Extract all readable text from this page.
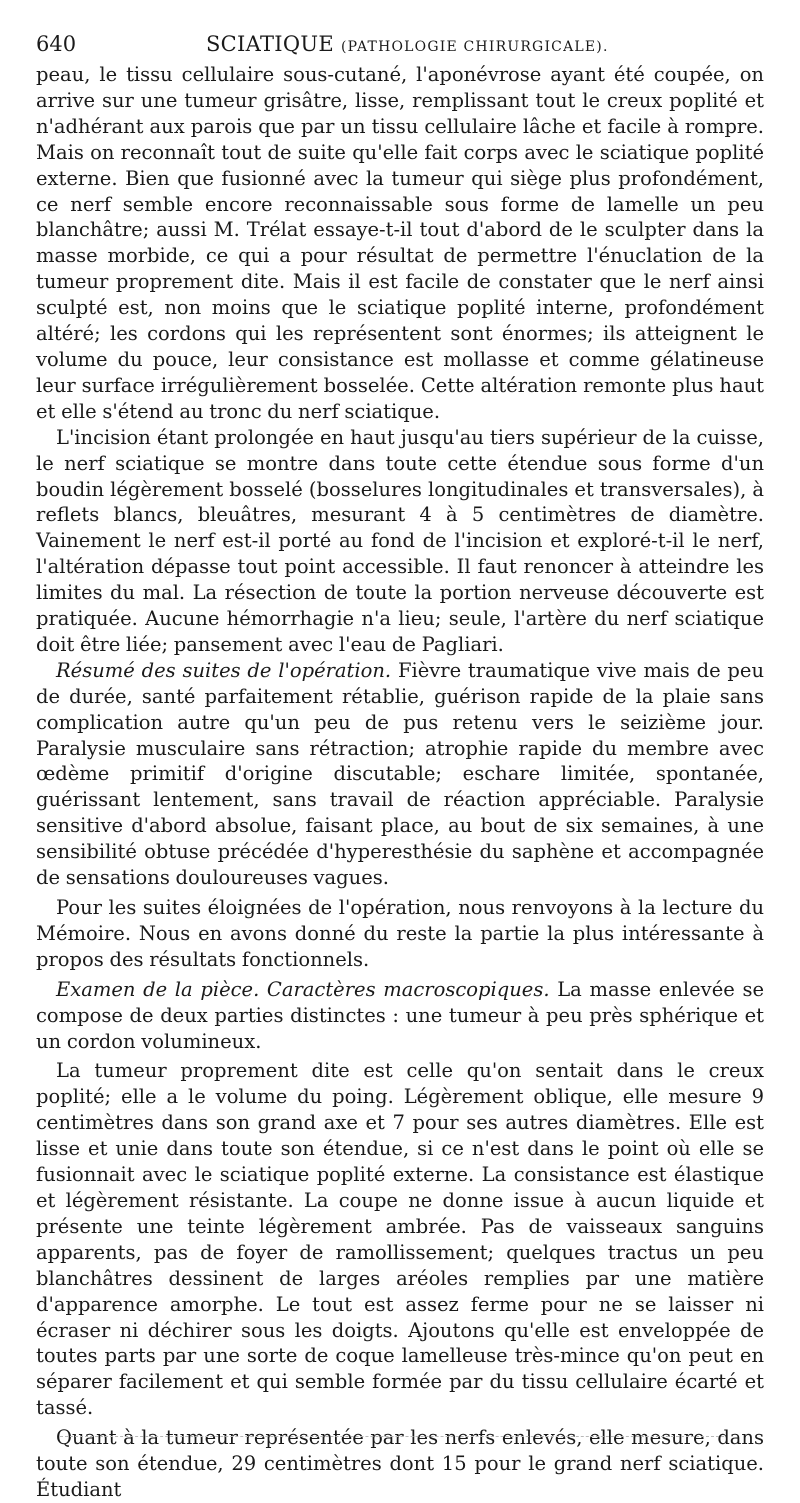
640	SCIATIQUE (PATHOLOGIE CHIRURGICALE).

peau, le tissu cellulaire sous-cutané, l'aponévrose ayant été coupée, on arrive sur une tumeur grisâtre, lisse, remplissant tout le creux poplité et n'adhérant aux parois que par un tissu cellulaire lâche et facile à rompre. Mais on reconnaît tout de suite qu'elle fait corps avec le sciatique poplité externe. Bien que fusionné avec la tumeur qui siège plus profondément, ce nerf semble encore reconnaissable sous forme de lamelle un peu blanchâtre; aussi M. Trélat essaye-t-il tout d'abord de le sculpter dans la masse morbide, ce qui a pour résultat de permettre l'énuclation de la tumeur proprement dite. Mais il est facile de constater que le nerf ainsi sculpté est, non moins que le sciatique poplité interne, profondément altéré; les cordons qui les représentent sont énormes; ils atteignent le volume du pouce, leur consistance est mollasse et comme gélatineuse leur surface irrégulièrement bosselée. Cette altération remonte plus haut et elle s'étend au tronc du nerf sciatique.

L'incision étant prolongée en haut jusqu'au tiers supérieur de la cuisse, le nerf sciatique se montre dans toute cette étendue sous forme d'un boudin légèrement bosselé (bosselures longitudinales et transversales), à reflets blancs, bleuâtres, mesurant 4 à 5 centimètres de diamètre. Vainement le nerf est-il porté au fond de l'incision et exploré-t-il le nerf, l'altération dépasse tout point accessible. Il faut renoncer à atteindre les limites du mal. La résection de toute la portion nerveuse découverte est pratiquée. Aucune hémorrhagie n'a lieu; seule, l'artère du nerf sciatique doit être liée; pansement avec l'eau de Pagliari.

Résumé des suites de l'opération. Fièvre traumatique vive mais de peu de durée, santé parfaitement rétablie, guérison rapide de la plaie sans complication autre qu'un peu de pus retenu vers le seizième jour. Paralysie musculaire sans rétraction; atrophie rapide du membre avec œdème primitif d'origine discutable; eschare limitée, spontanée, guérissant lentement, sans travail de réaction appréciable. Paralysie sensitive d'abord absolue, faisant place, au bout de six semaines, à une sensibilité obtuse précédée d'hyperesthésie du saphène et accompagnée de sensations douloureuses vagues.

Pour les suites éloignées de l'opération, nous renvoyons à la lecture du Mémoire. Nous en avons donné du reste la partie la plus intéressante à propos des résultats fonctionnels.

Examen de la pièce. Caractères macroscopiques. La masse enlevée se compose de deux parties distinctes : une tumeur à peu près sphérique et un cordon volumineux.

La tumeur proprement dite est celle qu'on sentait dans le creux poplité; elle a le volume du poing. Légèrement oblique, elle mesure 9 centimètres dans son grand axe et 7 pour ses autres diamètres. Elle est lisse et unie dans toute son étendue, si ce n'est dans le point où elle se fusionnait avec le sciatique poplité externe. La consistance est élastique et légèrement résistante. La coupe ne donne issue à aucun liquide et présente une teinte légèrement ambrée. Pas de vaisseaux sanguins apparents, pas de foyer de ramollissement; quelques tractus un peu blanchâtres dessinent de larges aréoles remplies par une matière d'apparence amorphe. Le tout est assez ferme pour ne se laisser ni écraser ni déchirer sous les doigts. Ajoutons qu'elle est enveloppée de toutes parts par une sorte de coque lamelleuse très-mince qu'on peut en séparer facilement et qui semble formée par du tissu cellulaire écarté et tassé.

Quant à la tumeur représentée par les nerfs enlevés, elle mesure, dans toute son étendue, 29 centimètres dont 15 pour le grand nerf sciatique. Étudiant
